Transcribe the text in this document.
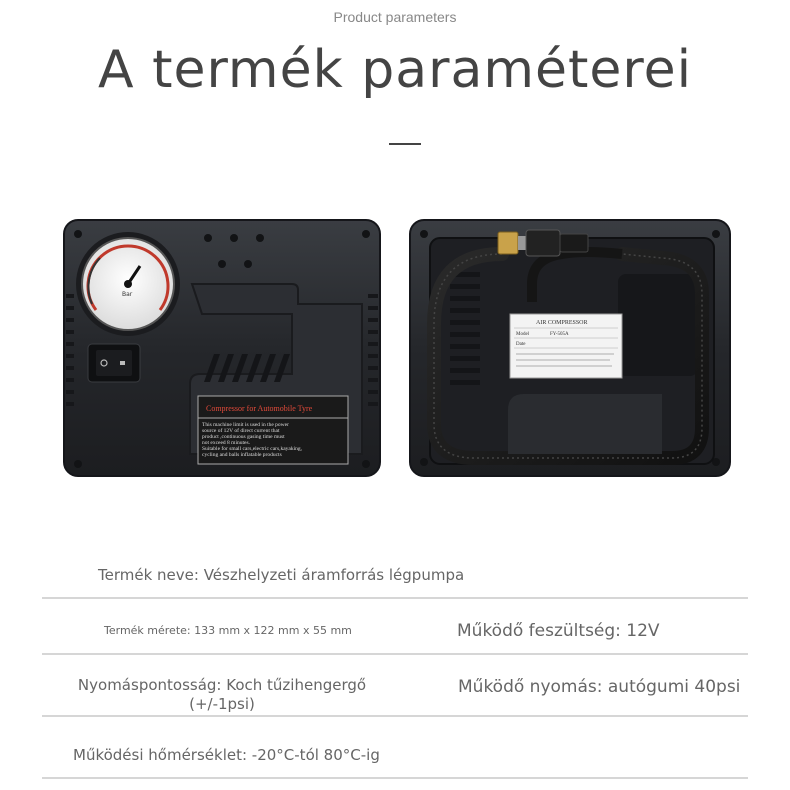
Product parameters
A termék paraméterei
Bar
Compressor for Automobile Tyre
This machine limit is used in the power source of 12V of direct current that product ,continuous gasing time must not exceed 8 minutes. Suitable for small cars,electric cars,kayaking, cycling and balls inflatable products
AIR COMPRESSOR
Model	FY-505A
Date
Termék neve: Vészhelyzeti áramforrás légpumpa
Termék mérete: 133 mm x 122 mm x 55 mm	Működő feszültség: 12V
Nyomáspontosság: Koch tűzihengergő
(+/-1psi)
Működő nyomás: autógumi 40psi
Működési hőmérséklet: -20°C-tól 80°C-ig
